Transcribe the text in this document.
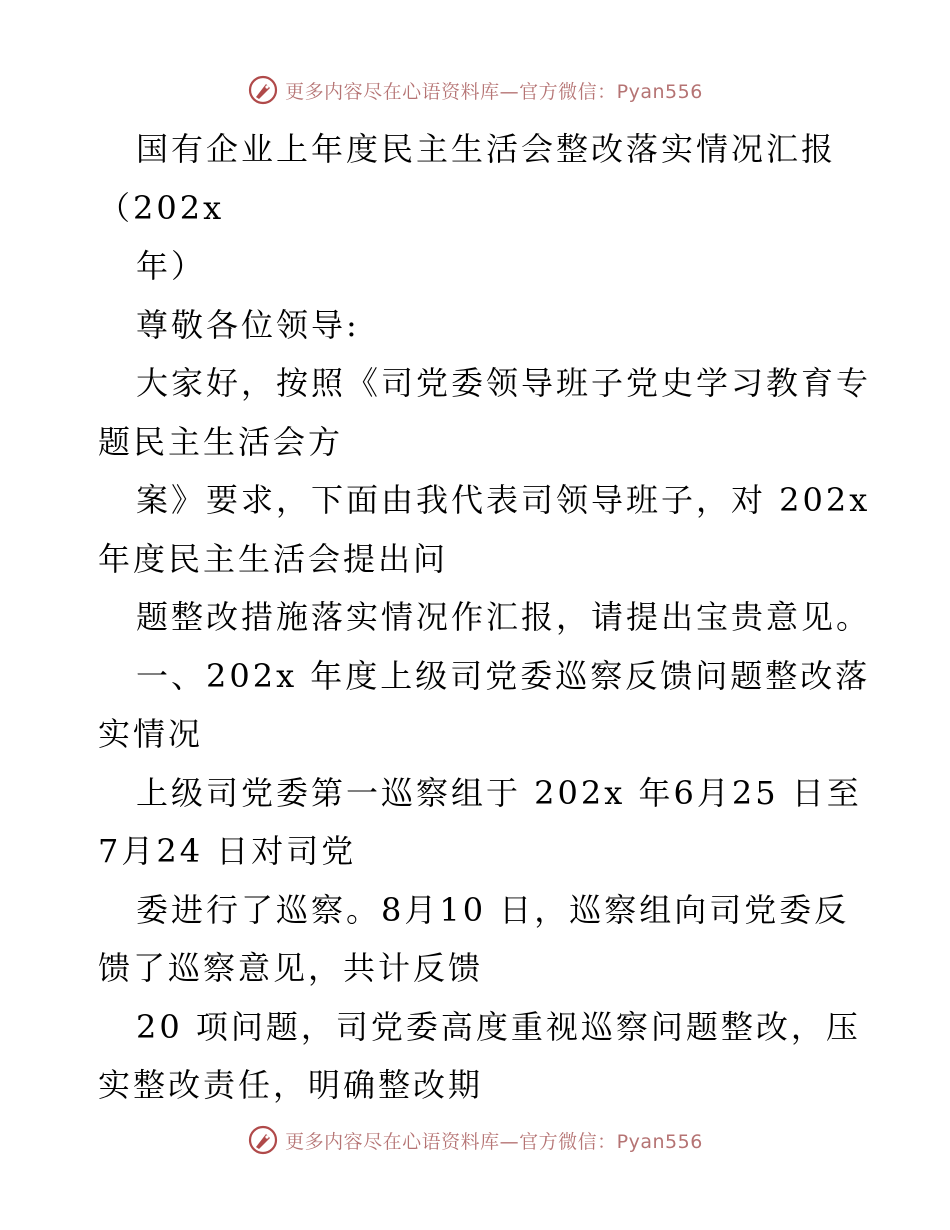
更多内容尽在心语资料库—官方微信：Pyan556
国有企业上年度民主生活会整改落实情况汇报
（202x
年）
尊敬各位领导:
大家好，按照《司党委领导班子党史学习教育专
题民主生活会方
案》要求，下面由我代表司领导班子，对 202x
年度民主生活会提出问
题整改措施落实情况作汇报，请提出宝贵意见。
一、202x 年度上级司党委巡察反馈问题整改落
实情况
上级司党委第一巡察组于 202x 年6月25 日至
7月24 日对司党
委进行了巡察。8月10 日，巡察组向司党委反
馈了巡察意见，共计反馈
20 项问题，司党委高度重视巡察问题整改，压
实整改责任，明确整改期
更多内容尽在心语资料库—官方微信：Pyan556
